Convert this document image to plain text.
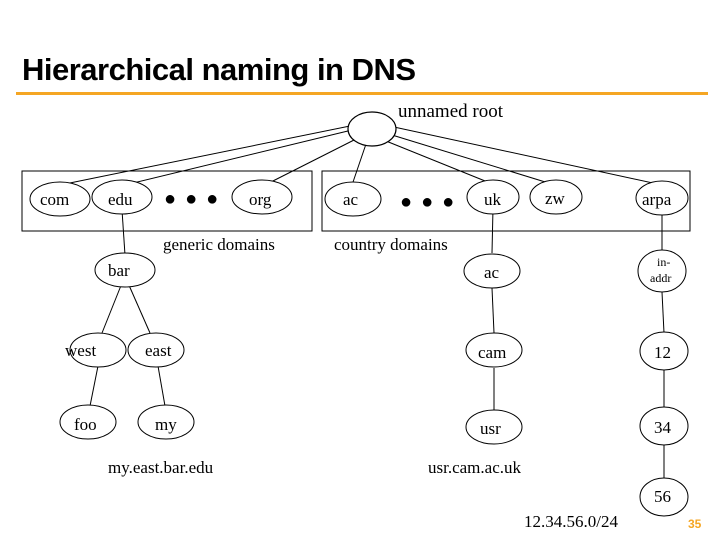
Hierarchical naming in DNS
unnamed root
com edu	org
● ● ●
generic domains
ac	uk	zw	arpa
● ● ●
country domains
bar
west	east
foo	my
my.east.bar.edu
ac
cam
usr
usr.cam.ac.uk
in-
addr
12
34
56
12.34.56.0/24	35
